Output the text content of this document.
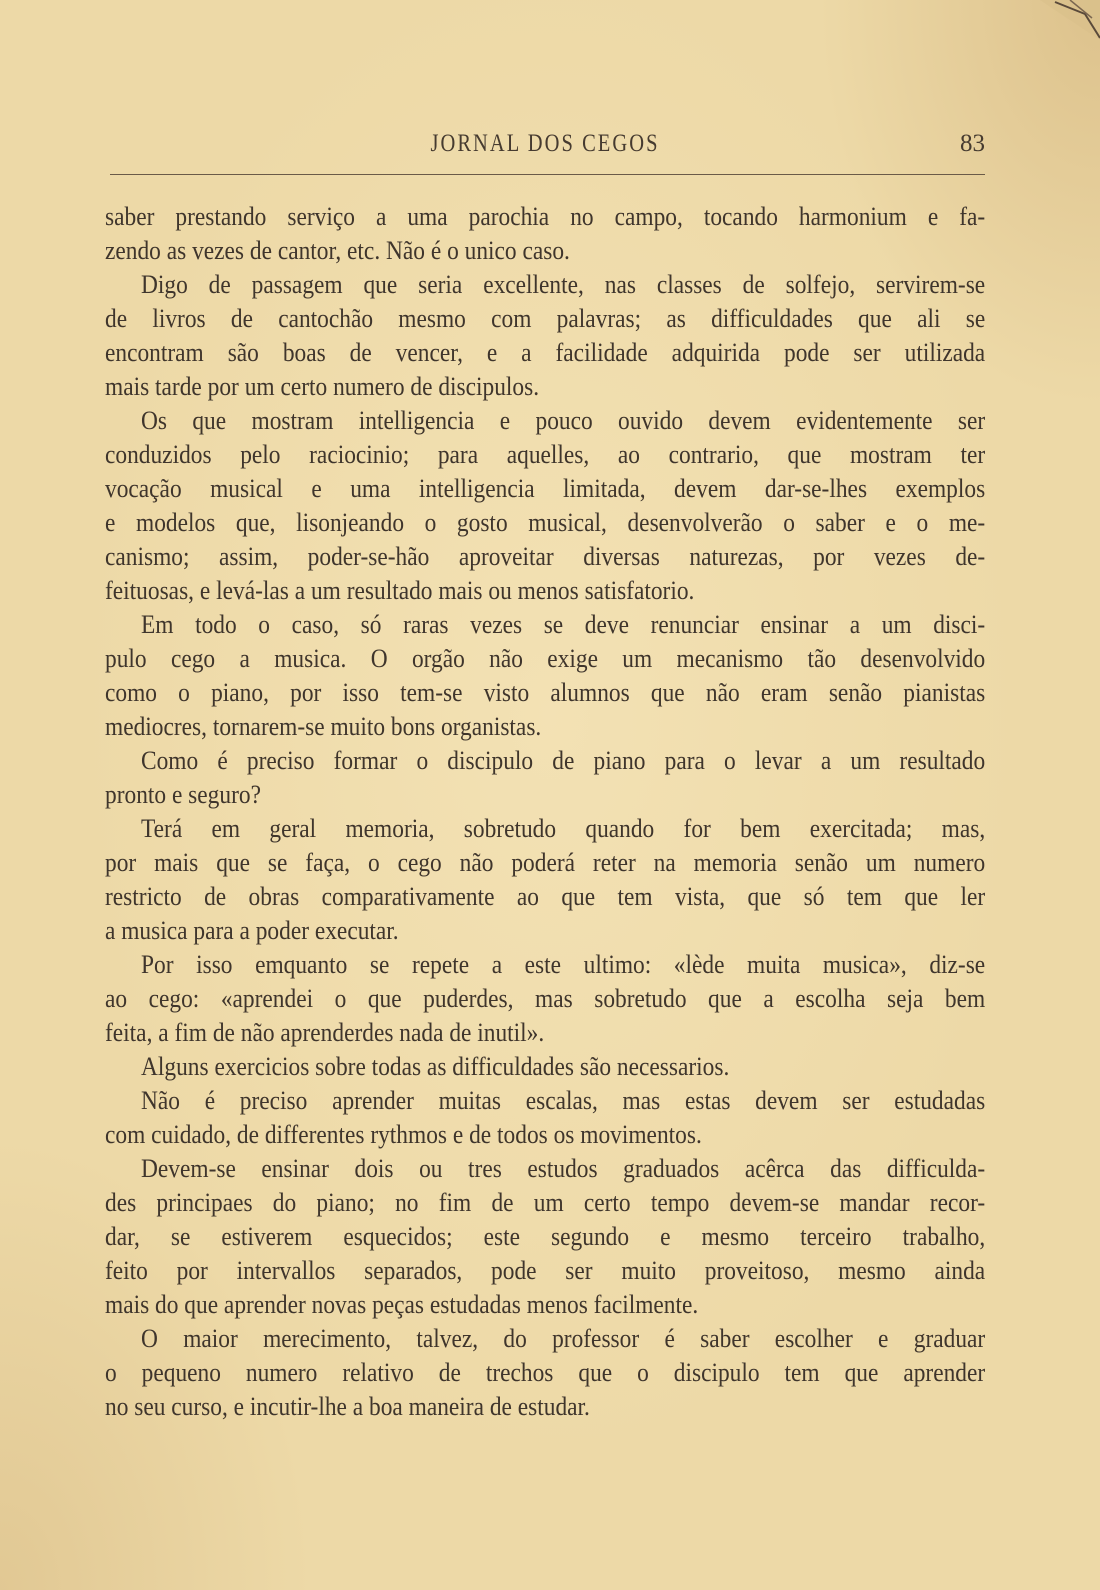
JORNAL DOS CEGOS	83
saber prestando serviço a uma parochia no campo, tocando harmonium e fa-
zendo as vezes de cantor, etc. Não é o unico caso.
Digo de passagem que seria excellente, nas classes de solfejo, servirem-se
de livros de cantochão mesmo com palavras; as difficuldades que ali se
encontram são boas de vencer, e a facilidade adquirida pode ser utilizada
mais tarde por um certo numero de discipulos.
Os que mostram intelligencia e pouco ouvido devem evidentemente ser
conduzidos pelo raciocinio; para aquelles, ao contrario, que mostram ter
vocação musical e uma intelligencia limitada, devem dar-se-lhes exemplos
e modelos que, lisonjeando o gosto musical, desenvolverão o saber e o me-
canismo; assim, poder-se-hão aproveitar diversas naturezas, por vezes de-
feituosas, e levá-las a um resultado mais ou menos satisfatorio.
Em todo o caso, só raras vezes se deve renunciar ensinar a um disci-
pulo cego a musica. O orgão não exige um mecanismo tão desenvolvido
como o piano, por isso tem-se visto alumnos que não eram senão pianistas
mediocres, tornarem-se muito bons organistas.
Como é preciso formar o discipulo de piano para o levar a um resultado
pronto e seguro?
Terá em geral memoria, sobretudo quando for bem exercitada; mas,
por mais que se faça, o cego não poderá reter na memoria senão um numero
restricto de obras comparativamente ao que tem vista, que só tem que ler
a musica para a poder executar.
Por isso emquanto se repete a este ultimo: «lède muita musica», diz-se
ao cego: «aprendei o que puderdes, mas sobretudo que a escolha seja bem
feita, a fim de não aprenderdes nada de inutil».
Alguns exercicios sobre todas as difficuldades são necessarios.
Não é preciso aprender muitas escalas, mas estas devem ser estudadas
com cuidado, de differentes rythmos e de todos os movimentos.
Devem-se ensinar dois ou tres estudos graduados acêrca das difficulda-
des principaes do piano; no fim de um certo tempo devem-se mandar recor-
dar, se estiverem esquecidos; este segundo e mesmo terceiro trabalho,
feito por intervallos separados, pode ser muito proveitoso, mesmo ainda
mais do que aprender novas peças estudadas menos facilmente.
O maior merecimento, talvez, do professor é saber escolher e graduar
o pequeno numero relativo de trechos que o discipulo tem que aprender
no seu curso, e incutir-lhe a boa maneira de estudar.
